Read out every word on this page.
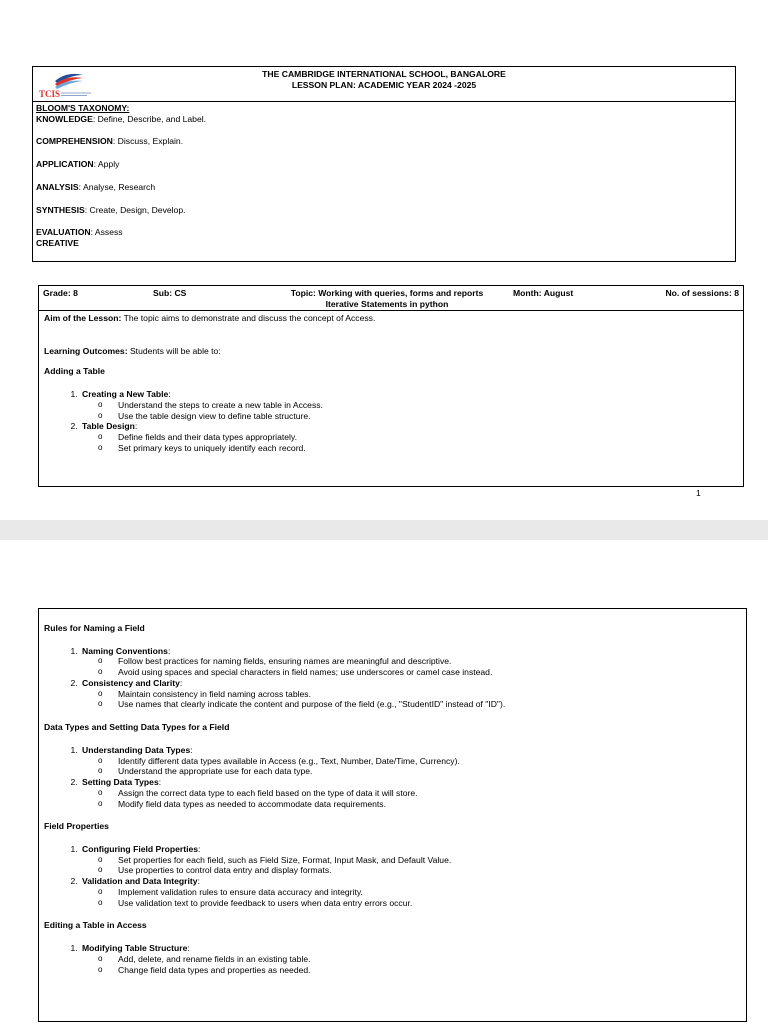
TCIS
THE CAMBRIDGE INTERNATIONAL SCHOOL, BANGALORE
LESSON PLAN: ACADEMIC YEAR 2024 -2025
BLOOM'S TAXONOMY:
KNOWLEDGE: Define, Describe, and Label.
COMPREHENSION: Discuss, Explain.
APPLICATION: Apply
ANALYSIS: Analyse, Research
SYNTHESIS: Create, Design, Develop.
EVALUATION: Assess
CREATIVE
Grade: 8	Sub: CS	Topic: Working with queries, forms and reports
Iterative Statements in python
Month: August	No. of sessions: 8

Aim of the Lesson: The topic aims to demonstrate and discuss the concept of Access.

Learning Outcomes: Students will be able to:

Adding a Table

1. Creating a New Table:
o Understand the steps to create a new table in Access.
o Use the table design view to define table structure.
2. Table Design:
o Define fields and their data types appropriately.
o Set primary keys to uniquely identify each record.
1

Rules for Naming a Field

1. Naming Conventions:
o Follow best practices for naming fields, ensuring names are meaningful and descriptive.
o Avoid using spaces and special characters in field names; use underscores or camel case instead.
2. Consistency and Clarity:
o Maintain consistency in field naming across tables.
o Use names that clearly indicate the content and purpose of the field (e.g., "StudentID" instead of "ID").

Data Types and Setting Data Types for a Field

1. Understanding Data Types:
o Identify different data types available in Access (e.g., Text, Number, Date/Time, Currency).
o Understand the appropriate use for each data type.
2. Setting Data Types:
o Assign the correct data type to each field based on the type of data it will store.
o Modify field data types as needed to accommodate data requirements.

Field Properties

1. Configuring Field Properties:
o Set properties for each field, such as Field Size, Format, Input Mask, and Default Value.
o Use properties to control data entry and display formats.
2. Validation and Data Integrity:
o Implement validation rules to ensure data accuracy and integrity.
o Use validation text to provide feedback to users when data entry errors occur.

Editing a Table in Access

1. Modifying Table Structure:
o Add, delete, and rename fields in an existing table.
o Change field data types and properties as needed.
